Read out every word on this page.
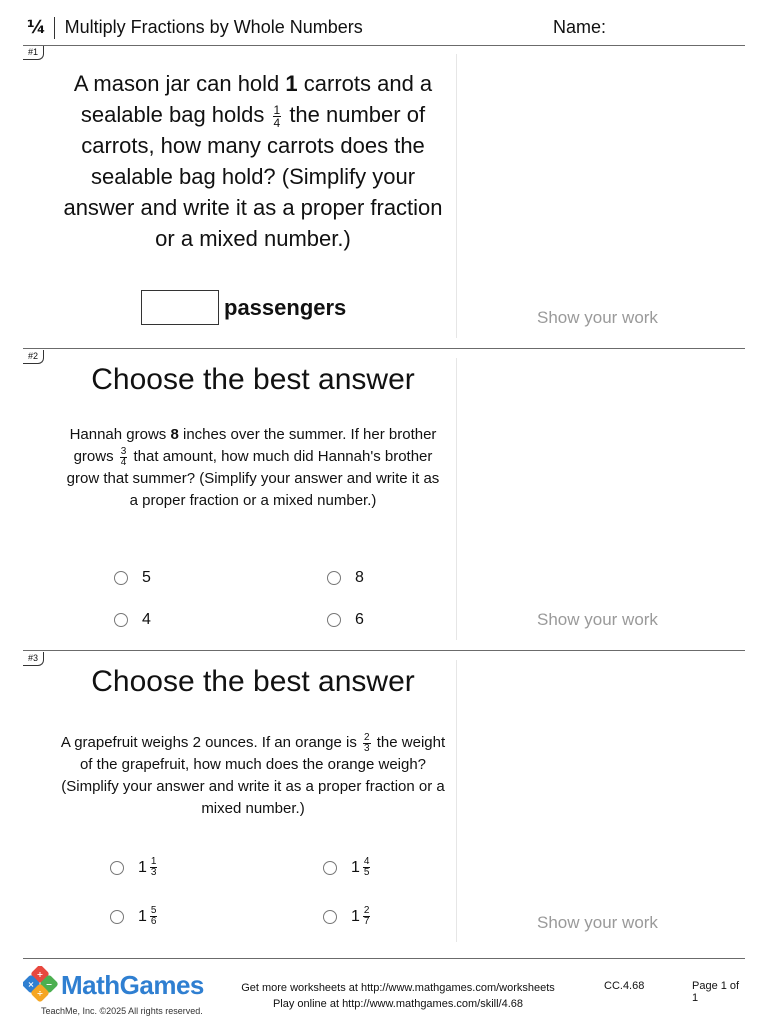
¼ Multiply Fractions by Whole Numbers	Name:
#1
A mason jar can hold 1 carrots and a
sealable bag holds $\frac{1}{4}$ the number of
carrots, how many carrots does the sealable bag hold? (Simplify your answer and write it as a proper fraction or a mixed number.)
passengers	Show your work
#2
Choose the best answer
Hannah grows 8 inches over the summer. If her brother grows $\frac{3}{4}$ that amount, how much did Hannah's brother grow that summer? (Simplify your answer and write it as a proper fraction or a mixed number.)
5	8
4	6	Show your work
#3
Choose the best answer
A grapefruit weighs 2 ounces. If an orange is $\frac{2}{3}$ the weight of the grapefruit, how much does the orange weigh? (Simplify your answer and write it as a proper fraction or a mixed number.)
$1 \frac{1}{3}$	$1 \frac{4}{5}$
$1 \frac{5}{6}$	$1 \frac{2}{7}$	Show your work
+
× −
÷ MathGames
TeachMe, Inc. ©2025 All rights reserved.
Get more worksheets at http://www.mathgames.com/worksheets
Play online at http://www.mathgames.com/skill/4.68
CC.4.68	Page 1 of 1
